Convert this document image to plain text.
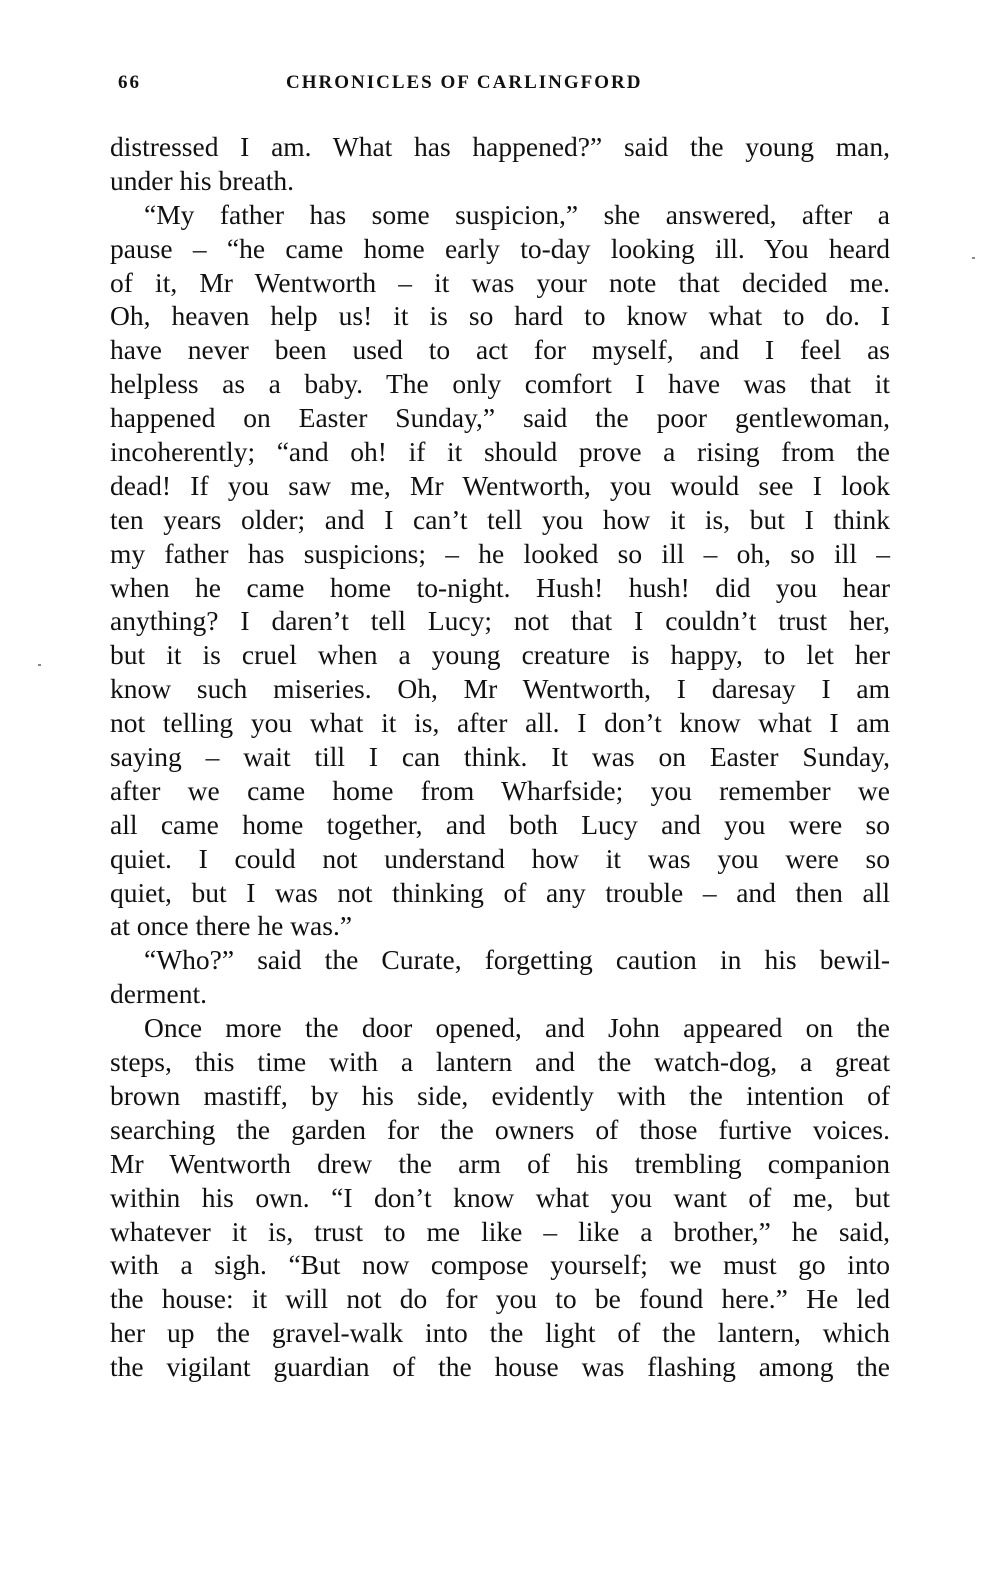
66	CHRONICLES OF CARLINGFORD
distressed I am. What has happened?” said the young man,
under his breath.
“My father has some suspicion,” she answered, after a
pause – “he came home early to-day looking ill. You heard
of it, Mr Wentworth – it was your note that decided me.
Oh, heaven help us! it is so hard to know what to do. I
have never been used to act for myself, and I feel as
helpless as a baby. The only comfort I have was that it
happened on Easter Sunday,” said the poor gentlewoman,
incoherently; “and oh! if it should prove a rising from the
dead! If you saw me, Mr Wentworth, you would see I look
ten years older; and I can’t tell you how it is, but I think
my father has suspicions; – he looked so ill – oh, so ill –
when he came home to-night. Hush! hush! did you hear
anything? I daren’t tell Lucy; not that I couldn’t trust her,
but it is cruel when a young creature is happy, to let her
know such miseries. Oh, Mr Wentworth, I daresay I am
not telling you what it is, after all. I don’t know what I am
saying – wait till I can think. It was on Easter Sunday,
after we came home from Wharfside; you remember we
all came home together, and both Lucy and you were so
quiet. I could not understand how it was you were so
quiet, but I was not thinking of any trouble – and then all
at once there he was.”
“Who?” said the Curate, forgetting caution in his bewil-
derment.
Once more the door opened, and John appeared on the
steps, this time with a lantern and the watch-dog, a great
brown mastiff, by his side, evidently with the intention of
searching the garden for the owners of those furtive voices.
Mr Wentworth drew the arm of his trembling companion
within his own. “I don’t know what you want of me, but
whatever it is, trust to me like – like a brother,” he said,
with a sigh. “But now compose yourself; we must go into
the house: it will not do for you to be found here.” He led
her up the gravel-walk into the light of the lantern, which
the vigilant guardian of the house was flashing among the
